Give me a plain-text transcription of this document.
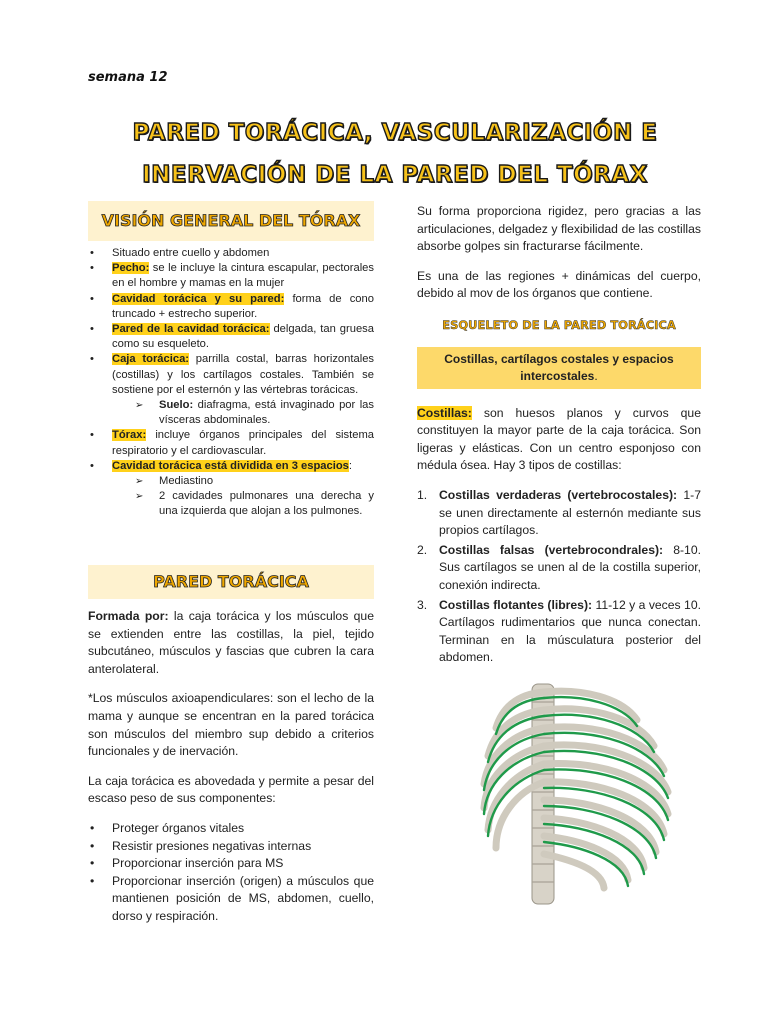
semana 12
PARED TORÁCICA, VASCULARIZACIÓN E
INERVACIÓN DE LA PARED DEL TÓRAX
VISIÓN GENERAL DEL TÓRAX
• Situado entre cuello y abdomen
• Pecho: se le incluye la cintura escapular, pectorales en el hombre y mamas en la mujer
• Cavidad torácica y su pared: forma de cono truncado + estrecho superior.
• Pared de la cavidad torácica: delgada, tan gruesa como su esqueleto.
• Caja torácica: parrilla costal, barras horizontales (costillas) y los cartílagos costales. También se sostiene por el esternón y las vértebras torácicas.
➢ Suelo: diafragma, está invaginado por las vísceras abdominales.
• Tórax: incluye órganos principales del sistema respiratorio y el cardiovascular.
• Cavidad torácica está dividida en 3 espacios:
➢ Mediastino
➢ 2 cavidades pulmonares una derecha y una izquierda que alojan a los pulmones.
PARED TORÁCICA

Formada por: la caja torácica y los músculos que se extienden entre las costillas, la piel, tejido subcutáneo, músculos y fascias que cubren la cara anterolateral.

*Los músculos axioapendiculares: son el lecho de la mama y aunque se encentran en la pared torácica son músculos del miembro sup debido a criterios funcionales y de inervación.

La caja torácica es abovedada y permite a pesar del escaso peso de sus componentes:

• Proteger órganos vitales
• Resistir presiones negativas internas
• Proporcionar inserción para MS
• Proporcionar inserción (origen) a músculos que mantienen posición de MS, abdomen, cuello, dorso y respiración.

Su forma proporciona rigidez, pero gracias a las articulaciones, delgadez y flexibilidad de las costillas absorbe golpes sin fracturarse fácilmente.

Es una de las regiones + dinámicas del cuerpo, debido al mov de los órganos que contiene.

ESQUELETO DE LA PARED TORÁCICA
Costillas, cartílagos costales y espacios intercostales.

Costillas: son huesos planos y curvos que constituyen la mayor parte de la caja torácica. Son ligeras y elásticas. Con un centro esponjoso con médula ósea. Hay 3 tipos de costillas:

1. Costillas verdaderas (vertebrocostales): 1-7 se unen directamente al esternón mediante sus propios cartílagos.
2. Costillas falsas (vertebrocondrales): 8-10. Sus cartílagos se unen al de la costilla superior, conexión indirecta.
3. Costillas flotantes (libres): 11-12 y a veces 10. Cartílagos rudimentarios que nunca conectan. Terminan en la músculatura posterior del abdomen.
